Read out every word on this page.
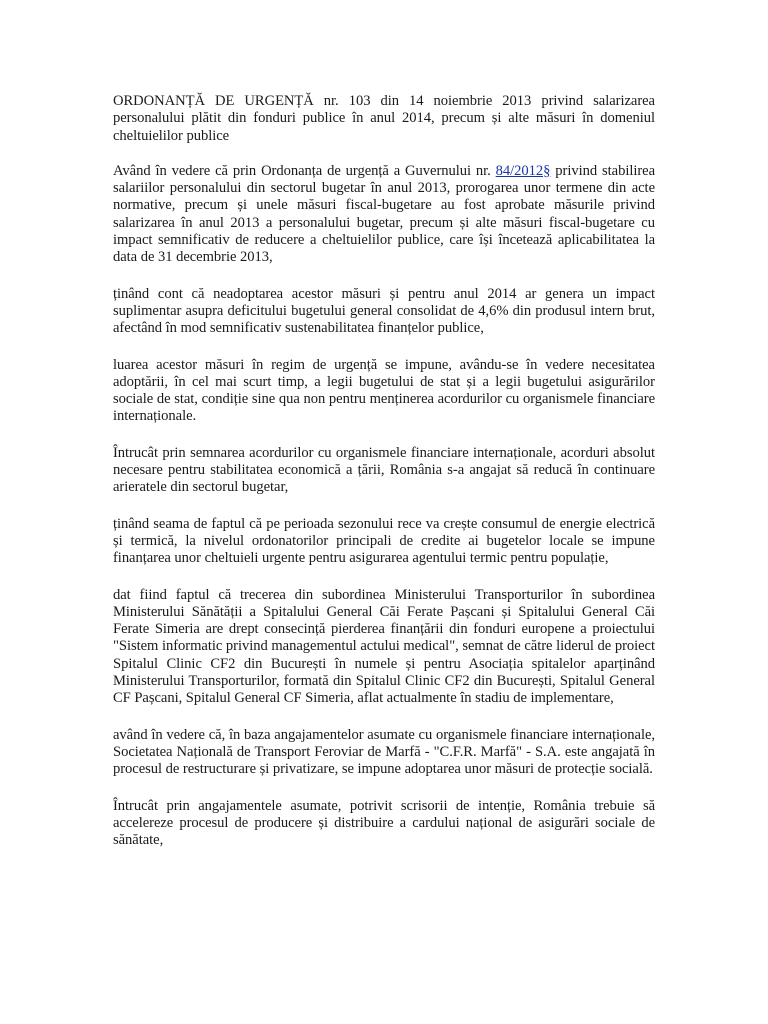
ORDONANȚĂ DE URGENȚĂ nr. 103 din 14 noiembrie 2013 privind salarizarea personalului plătit din fonduri publice în anul 2014, precum și alte măsuri în domeniul cheltuielilor publice

Având în vedere că prin Ordonanța de urgență a Guvernului nr. 84/2012§ privind stabilirea salariilor personalului din sectorul bugetar în anul 2013, prorogarea unor termene din acte normative, precum și unele măsuri fiscal-bugetare au fost aprobate măsurile privind salarizarea în anul 2013 a personalului bugetar, precum și alte măsuri fiscal-bugetare cu impact semnificativ de reducere a cheltuielilor publice, care își încetează aplicabilitatea la data de 31 decembrie 2013,

ținând cont că neadoptarea acestor măsuri și pentru anul 2014 ar genera un impact suplimentar asupra deficitului bugetului general consolidat de 4,6% din produsul intern brut, afectând în mod semnificativ sustenabilitatea finanțelor publice,

luarea acestor măsuri în regim de urgență se impune, avându-se în vedere necesitatea adoptării, în cel mai scurt timp, a legii bugetului de stat și a legii bugetului asigurărilor sociale de stat, condiție sine qua non pentru menținerea acordurilor cu organismele financiare internaționale.

Întrucât prin semnarea acordurilor cu organismele financiare internaționale, acorduri absolut necesare pentru stabilitatea economică a țării, România s-a angajat să reducă în continuare arieratele din sectorul bugetar,

ținând seama de faptul că pe perioada sezonului rece va crește consumul de energie electrică și termică, la nivelul ordonatorilor principali de credite ai bugetelor locale se impune finanțarea unor cheltuieli urgente pentru asigurarea agentului termic pentru populație,

dat fiind faptul că trecerea din subordinea Ministerului Transporturilor în subordinea Ministerului Sănătății a Spitalului General Căi Ferate Pașcani și Spitalului General Căi Ferate Simeria are drept consecință pierderea finanțării din fonduri europene a proiectului "Sistem informatic privind managementul actului medical", semnat de către liderul de proiect Spitalul Clinic CF2 din București în numele și pentru Asociația spitalelor aparținând Ministerului Transporturilor, formată din Spitalul Clinic CF2 din București, Spitalul General CF Pașcani, Spitalul General CF Simeria, aflat actualmente în stadiu de implementare,

având în vedere că, în baza angajamentelor asumate cu organismele financiare internaționale, Societatea Națională de Transport Feroviar de Marfă - "C.F.R. Marfă" - S.A. este angajată în procesul de restructurare și privatizare, se impune adoptarea unor măsuri de protecție socială.

Întrucât prin angajamentele asumate, potrivit scrisorii de intenție, România trebuie să accelereze procesul de producere și distribuire a cardului național de asigurări sociale de sănătate,
